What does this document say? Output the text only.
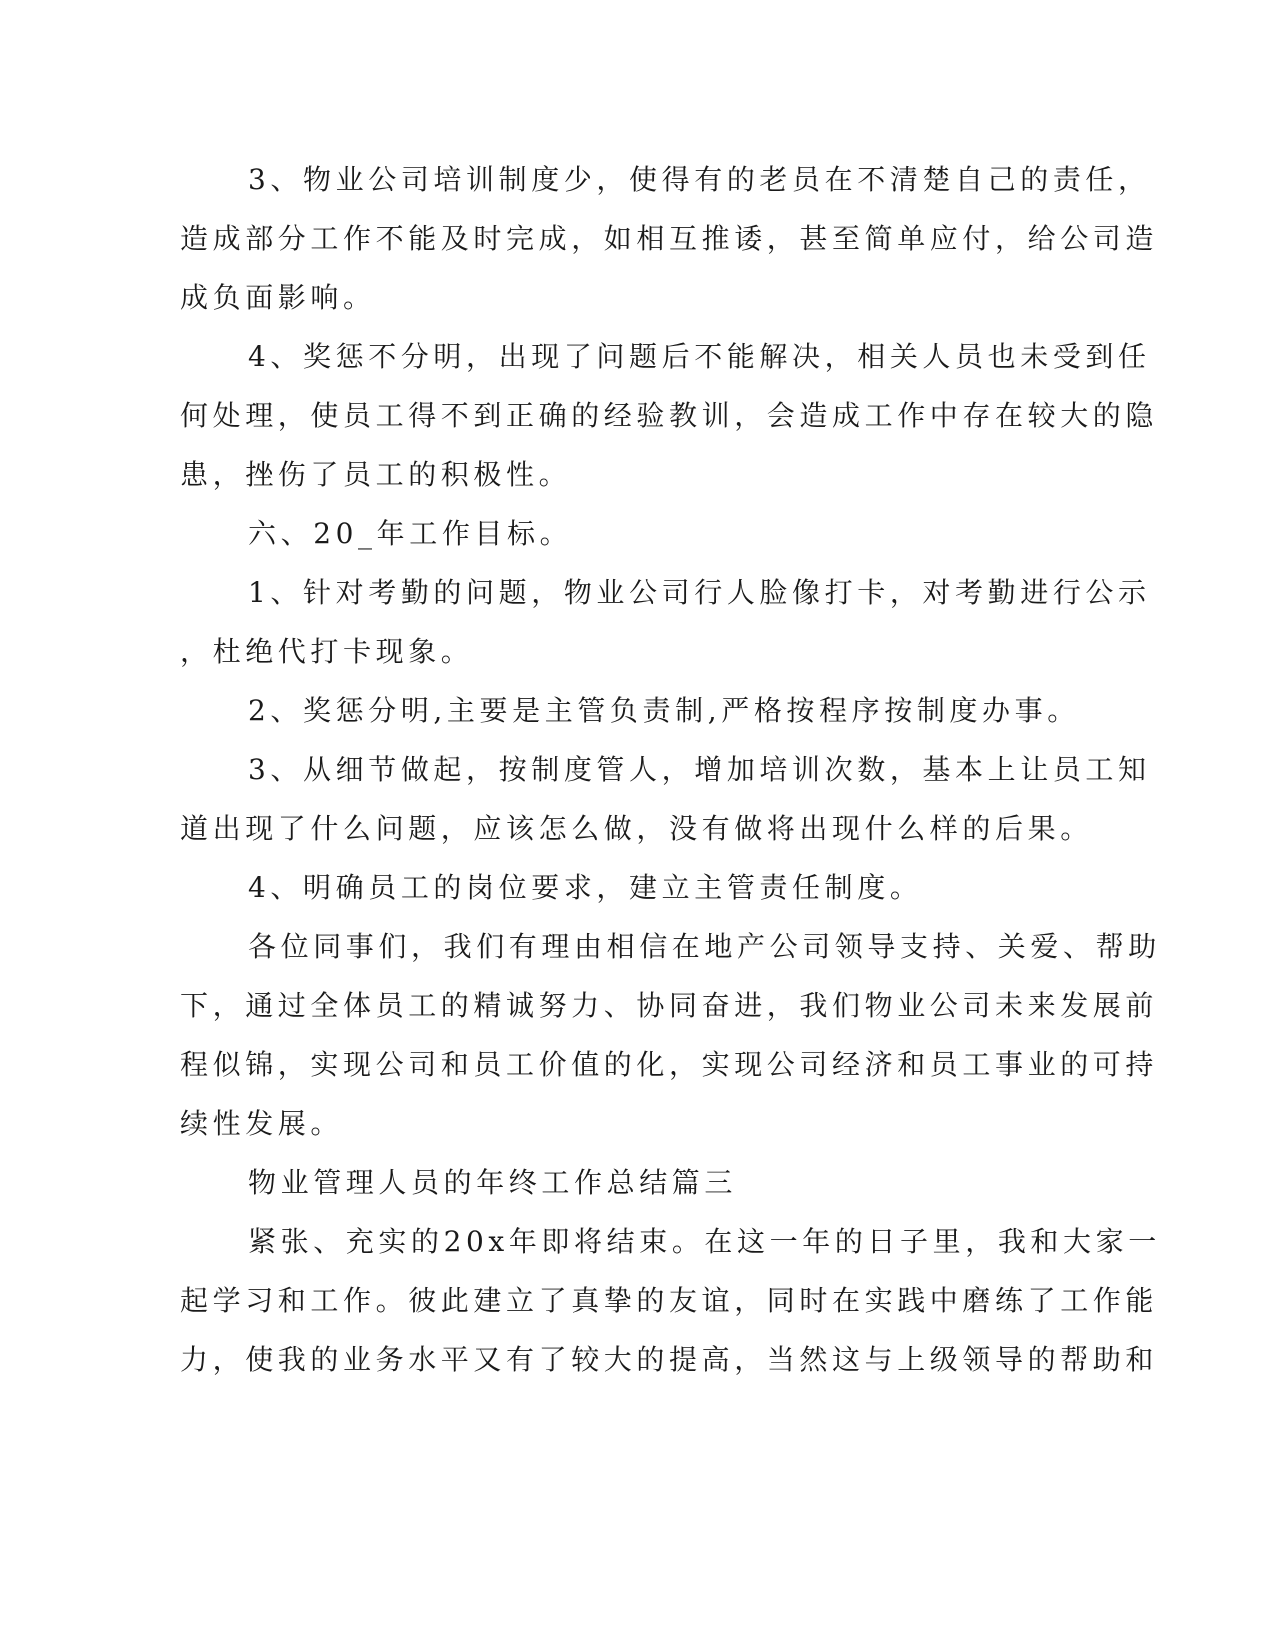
3、物业公司培训制度少，使得有的老员在不清楚自己的责任，
造成部分工作不能及时完成，如相互推诿，甚至简单应付，给公司造
成负面影响。
4、奖惩不分明，出现了问题后不能解决，相关人员也未受到任
何处理，使员工得不到正确的经验教训，会造成工作中存在较大的隐
患，挫伤了员工的积极性。
六、20_年工作目标。
1、针对考勤的问题，物业公司行人脸像打卡，对考勤进行公示
，杜绝代打卡现象。
2、奖惩分明,主要是主管负责制,严格按程序按制度办事。
3、从细节做起，按制度管人，增加培训次数，基本上让员工知
道出现了什么问题，应该怎么做，没有做将出现什么样的后果。
4、明确员工的岗位要求，建立主管责任制度。
各位同事们，我们有理由相信在地产公司领导支持、关爱、帮助
下，通过全体员工的精诚努力、协同奋进，我们物业公司未来发展前
程似锦，实现公司和员工价值的化，实现公司经济和员工事业的可持
续性发展。
物业管理人员的年终工作总结篇三
紧张、充实的20x年即将结束。在这一年的日子里，我和大家一
起学习和工作。彼此建立了真挚的友谊，同时在实践中磨练了工作能
力，使我的业务水平又有了较大的提高，当然这与上级领导的帮助和
